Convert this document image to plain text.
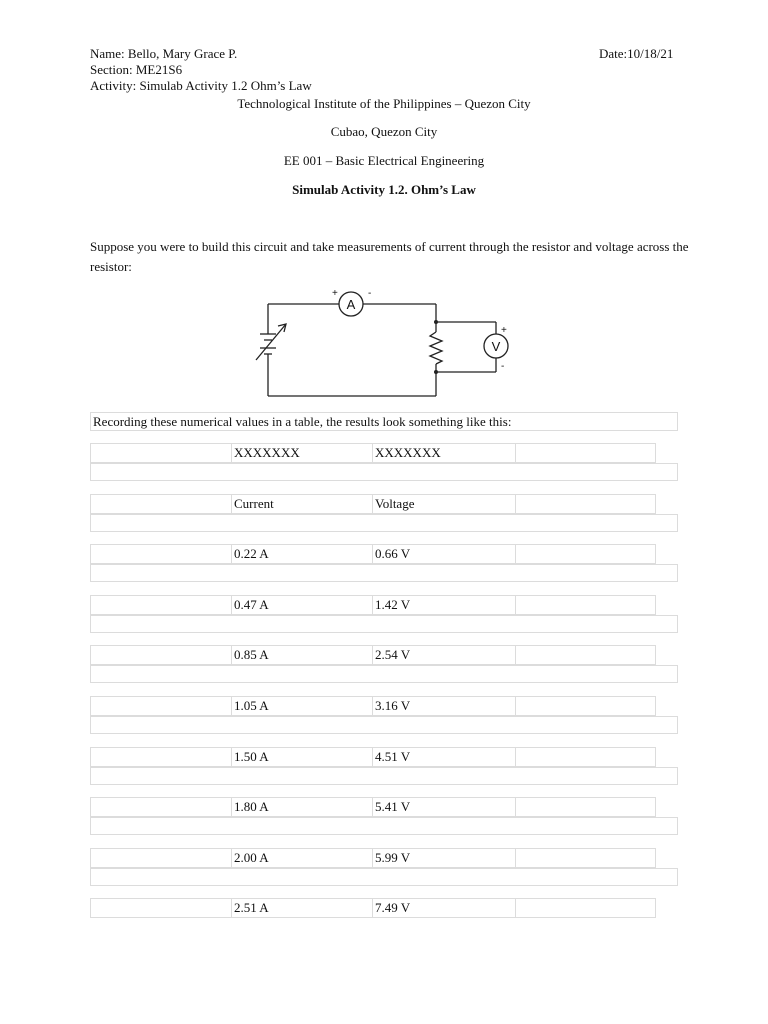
Name: Bello, Mary Grace P.	Date:10/18/21
Section: ME21S6
Activity: Simulab Activity 1.2 Ohm’s Law
Technological Institute of the Philippines – Quezon City
Cubao, Quezon City
EE 001 – Basic Electrical Engineering
Simulab Activity 1.2. Ohm’s Law
Suppose you were to build this circuit and take measurements of current through the resistor and voltage across the resistor:
A
V
+	-
+
-
Recording these numerical values in a table, the results look something like this:
XXXXXXX	XXXXXXX
Current	Voltage
0.22 A	0.66 V
0.47 A	1.42 V
0.85 A	2.54 V
1.05 A	3.16 V
1.50 A	4.51 V
1.80 A	5.41 V
2.00 A	5.99 V
2.51 A	7.49 V
